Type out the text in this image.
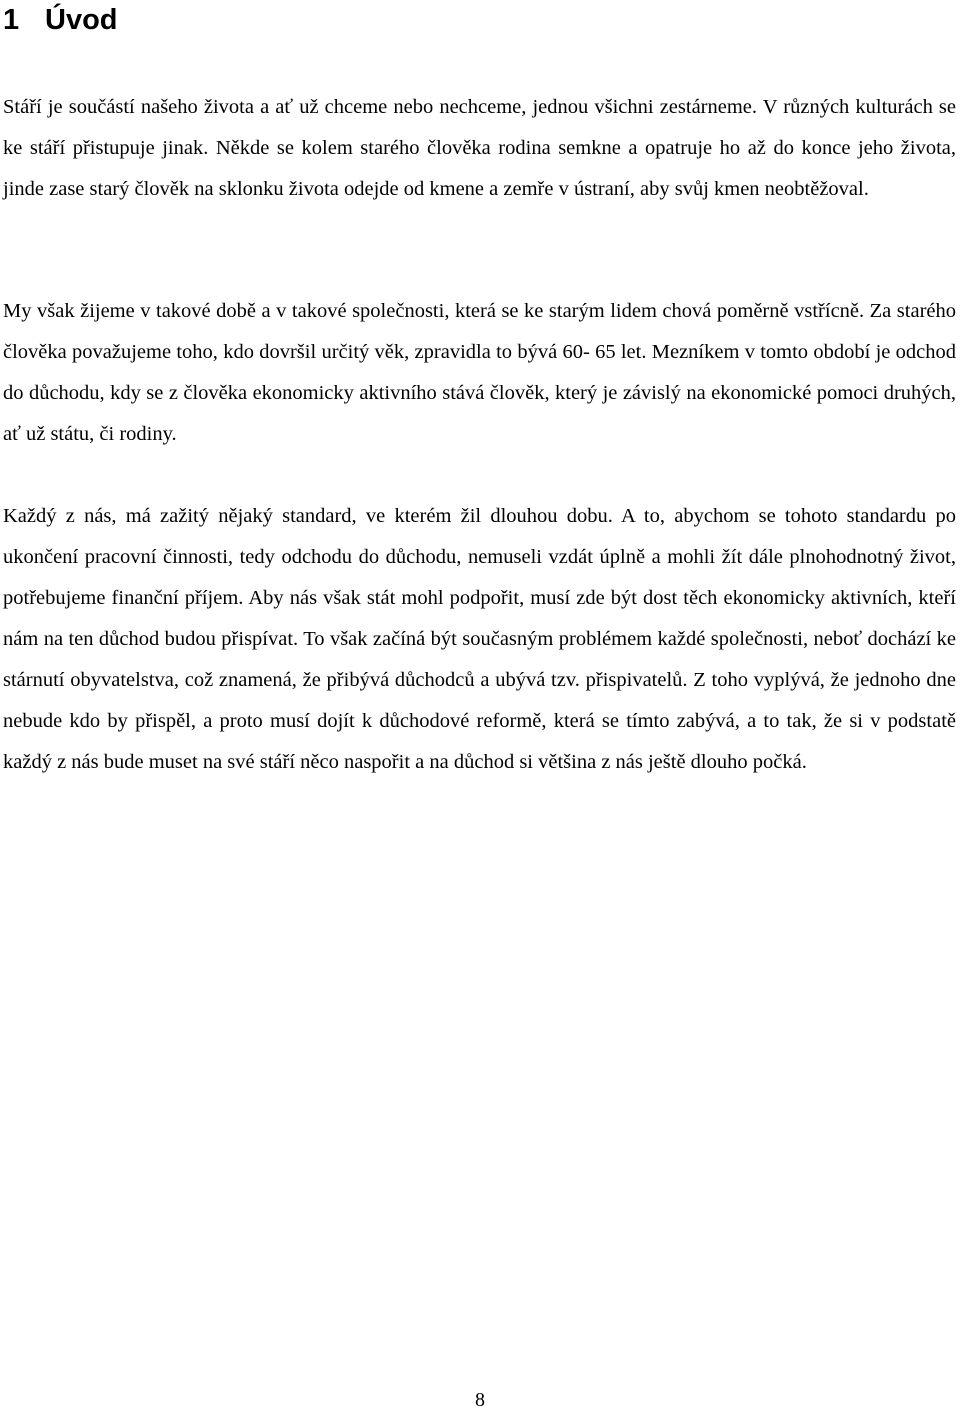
1 Úvod

Stáří je součástí našeho života a ať už chceme nebo nechceme, jednou všichni zestárneme. V různých kulturách se ke stáří přistupuje jinak. Někde se kolem starého člověka rodina semkne a opatruje ho až do konce jeho života, jinde zase starý člověk na sklonku života odejde od kmene a zemře v ústraní, aby svůj kmen neobtěžoval.

My však žijeme v takové době a v takové společnosti, která se ke starým lidem chová poměrně vstřícně. Za starého člověka považujeme toho, kdo dovršil určitý věk, zpravidla to bývá 60- 65 let. Mezníkem v tomto období je odchod do důchodu, kdy se z člověka ekonomicky aktivního stává člověk, který je závislý na ekonomické pomoci druhých, ať už státu, či rodiny.

Každý z nás, má zažitý nějaký standard, ve kterém žil dlouhou dobu. A to, abychom se tohoto standardu po ukončení pracovní činnosti, tedy odchodu do důchodu, nemuseli vzdát úplně a mohli žít dále plnohodnotný život, potřebujeme finanční příjem. Aby nás však stát mohl podpořit, musí zde být dost těch ekonomicky aktivních, kteří nám na ten důchod budou přispívat. To však začíná být současným problémem každé společnosti, neboť dochází ke stárnutí obyvatelstva, což znamená, že přibývá důchodců a ubývá tzv. přispivatelů. Z toho vyplývá, že jednoho dne nebude kdo by přispěl, a proto musí dojít k důchodové reformě, která se tímto zabývá, a to tak, že si v podstatě každý z nás bude muset na své stáří něco naspořit a na důchod si většina z nás ještě dlouho počká.

8
